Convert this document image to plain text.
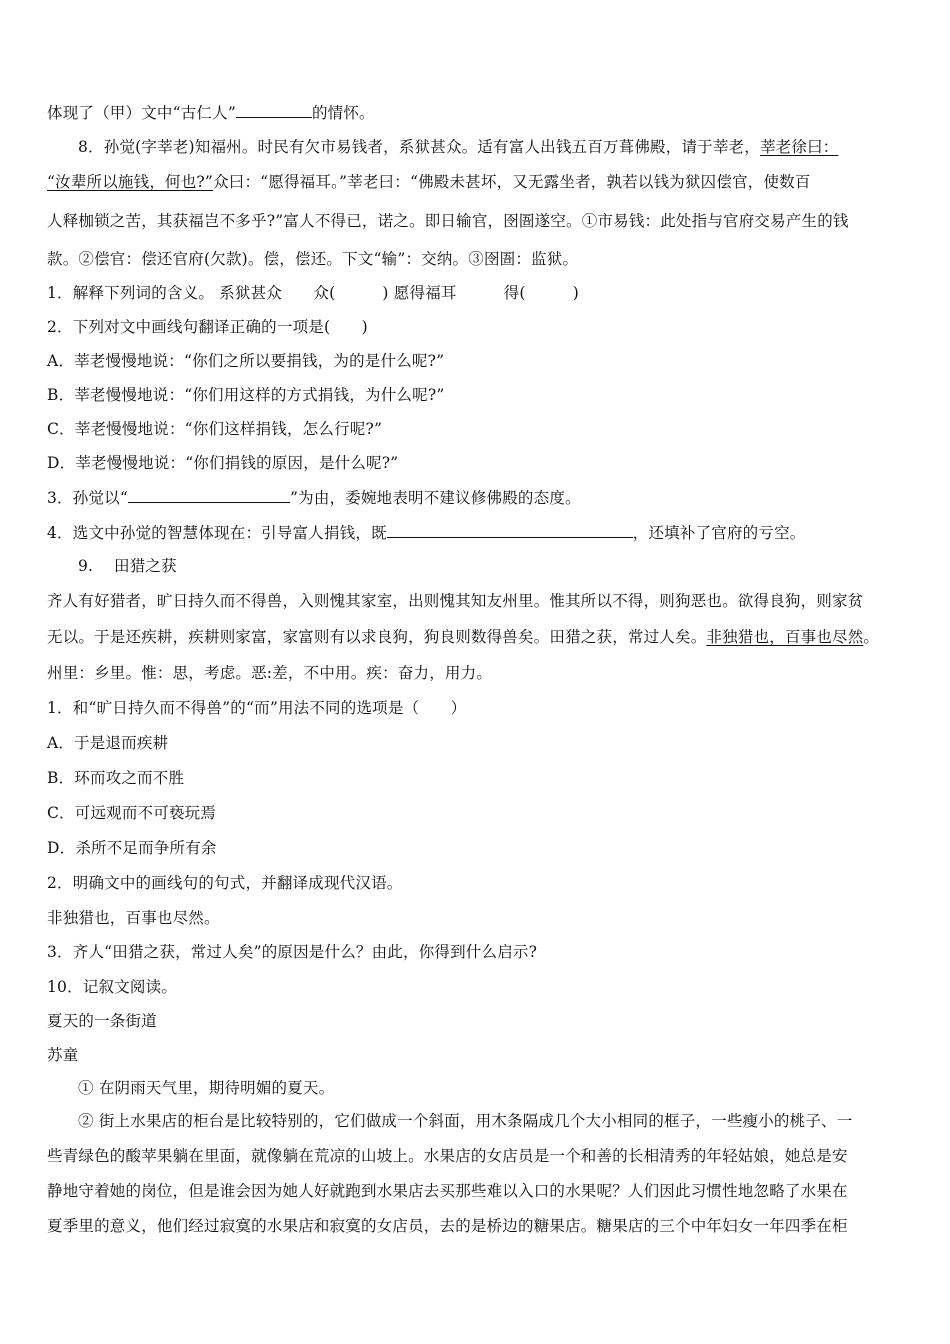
体现了（甲）文中“古仁人”	的情怀。
8．孙觉(字莘老)知福州。时民有欠市易钱者，系狱甚众。适有富人出钱五百万葺佛殿，请于莘老，莘老徐曰：
“汝辈所以施钱，何也?”众曰：“愿得福耳。”莘老曰：“佛殿未甚坏，又无露坐者，孰若以钱为狱囚偿官，使数百
人释枷锁之苦，其获福岂不多乎?”富人不得已，诺之。即日输官，囹圄遂空。①市易钱：此处指与官府交易产生的钱
款。②偿官：偿还官府(欠款)。偿，偿还。下文“输”：交纳。③囹圄：监狱。
1．解释下列词的含义。 系狱甚众　　众(　　　) 愿得福耳　　　得(　　　)
2．下列对文中画线句翻译正确的一项是(　　)
A．莘老慢慢地说：“你们之所以要捐钱，为的是什么呢?”
B．莘老慢慢地说：“你们用这样的方式捐钱，为什么呢?”
C．莘老慢慢地说：“你们这样捐钱，怎么行呢?”
D．莘老慢慢地说：“你们捐钱的原因，是什么呢?”
3．孙觉以“	”为由，委婉地表明不建议修佛殿的态度。
4．选文中孙觉的智慧体现在：引导富人捐钱，既	，还填补了官府的亏空。
9.　 田猎之获
齐人有好猎者，旷日持久而不得兽，入则愧其家室，出则愧其知友州里。惟其所以不得，则狗恶也。欲得良狗，则家贫
无以。于是还疾耕，疾耕则家富，家富则有以求良狗，狗良则数得兽矣。田猎之获，常过人矣。非独猎也，百事也尽然。
州里：乡里。惟：思，考虑。恶:差，不中用。疾：奋力，用力。
1．和“旷日持久而不得兽”的“而”用法不同的选项是（　　）
A．于是退而疾耕
B．环而攻之而不胜
C．可远观而不可亵玩焉
D．杀所不足而争所有余
2．明确文中的画线句的句式，并翻译成现代汉语。
非独猎也，百事也尽然。
3．齐人“田猎之获，常过人矣”的原因是什么？由此，你得到什么启示?
10．记叙文阅读。
夏天的一条街道
苏童
① 在阴雨天气里，期待明媚的夏天。
② 街上水果店的柜台是比较特别的，它们做成一个斜面，用木条隔成几个大小相同的框子，一些瘦小的桃子、一
些青绿色的酸苹果躺在里面，就像躺在荒凉的山坡上。水果店的女店员是一个和善的长相清秀的年轻姑娘，她总是安
静地守着她的岗位，但是谁会因为她人好就跑到水果店去买那些难以入口的水果呢？人们因此习惯性地忽略了水果在
夏季里的意义，他们经过寂寞的水果店和寂寞的女店员，去的是桥边的糖果店。糖果店的三个中年妇女一年四季在柜
